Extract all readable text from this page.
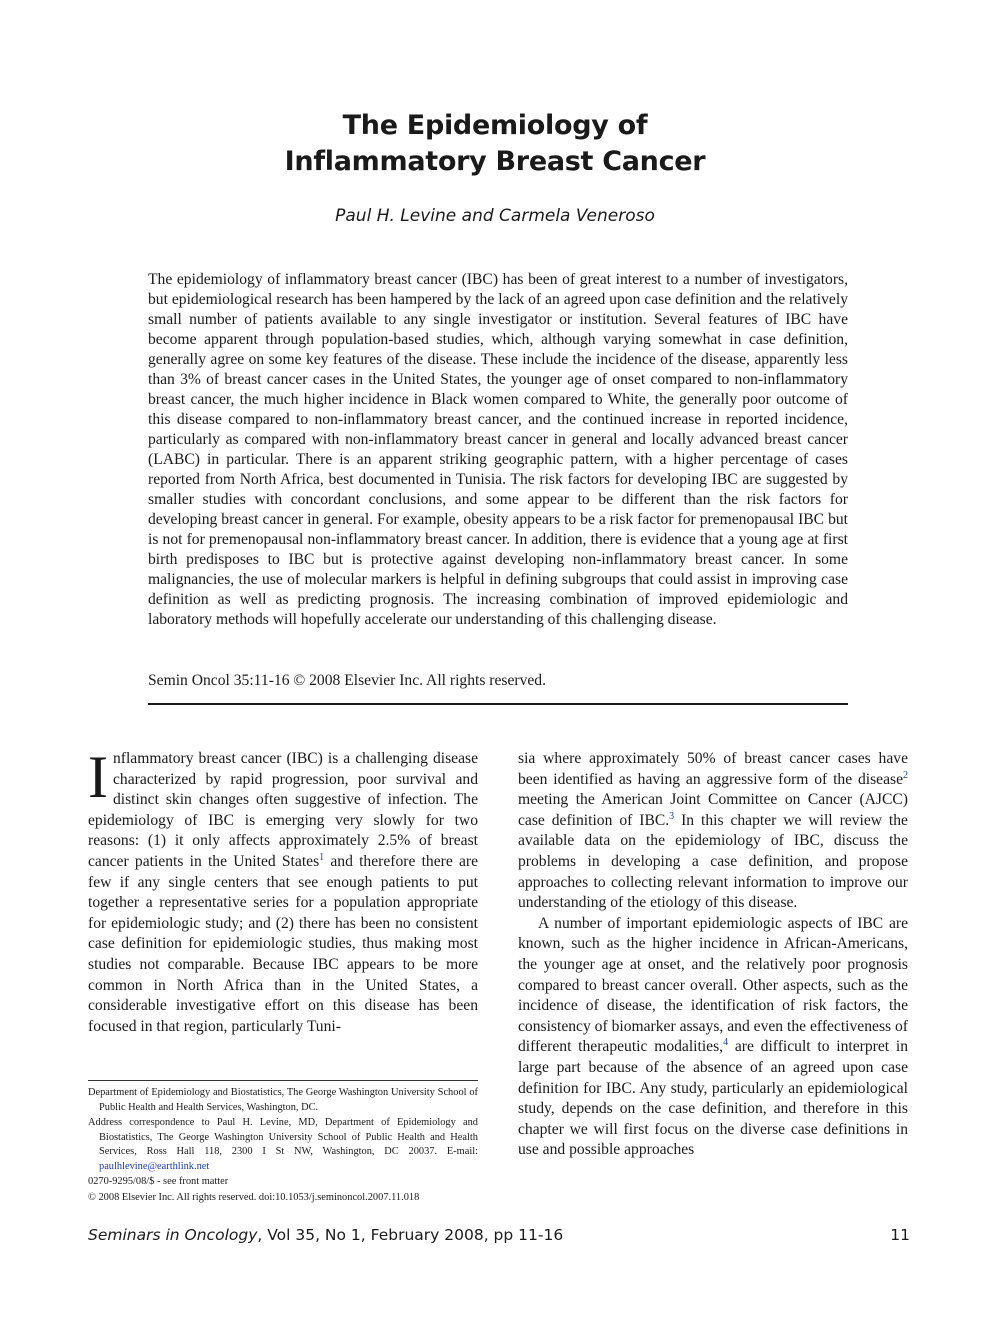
The Epidemiology of
Inflammatory Breast Cancer
Paul H. Levine and Carmela Veneroso

The epidemiology of inflammatory breast cancer (IBC) has been of great interest to a number of investigators, but epidemiological research has been hampered by the lack of an agreed upon case definition and the relatively small number of patients available to any single investigator or institution. Several features of IBC have become apparent through population-based studies, which, although varying somewhat in case definition, generally agree on some key features of the disease. These include the incidence of the disease, apparently less than 3% of breast cancer cases in the United States, the younger age of onset compared to non-inflammatory breast cancer, the much higher incidence in Black women compared to White, the generally poor outcome of this disease compared to non-inflammatory breast cancer, and the continued increase in reported incidence, particularly as compared with non-inflammatory breast cancer in general and locally advanced breast cancer (LABC) in particular. There is an apparent striking geographic pattern, with a higher percentage of cases reported from North Africa, best documented in Tunisia. The risk factors for developing IBC are suggested by smaller studies with concordant conclusions, and some appear to be different than the risk factors for developing breast cancer in general. For example, obesity appears to be a risk factor for premenopausal IBC but is not for premenopausal non-inflammatory breast cancer. In addition, there is evidence that a young age at first birth predisposes to IBC but is protective against developing non-inflammatory breast cancer. In some malignancies, the use of molecular markers is helpful in defining subgroups that could assist in improving case definition as well as predicting prognosis. The increasing combination of improved epidemiologic and laboratory methods will hopefully accelerate our understanding of this challenging disease.

Semin Oncol 35:11-16 © 2008 Elsevier Inc. All rights reserved.

Inflammatory breast cancer (IBC) is a challenging disease characterized by rapid progression, poor survival and distinct skin changes often suggestive of infection. The epidemiology of IBC is emerging very slowly for two reasons: (1) it only affects approximately 2.5% of breast cancer patients in the United States$^1$ and therefore there are few if any single centers that see enough patients to put together a representative series for a population appropriate for epidemiologic study; and (2) there has been no consistent case definition for epidemiologic studies, thus making most studies not comparable. Because IBC appears to be more common in North Africa than in the United States, a considerable investigative effort on this disease has been focused in that region, particularly Tuni-

sia where approximately 50% of breast cancer cases have been identified as having an aggressive form of the disease$^2$ meeting the American Joint Committee on Cancer (AJCC) case definition of IBC.$^3$ In this chapter we will review the available data on the epidemiology of IBC, discuss the problems in developing a case definition, and propose approaches to collecting relevant information to improve our understanding of the etiology of this disease.

A number of important epidemiologic aspects of IBC are known, such as the higher incidence in African-Americans, the younger age at onset, and the relatively poor prognosis compared to breast cancer overall. Other aspects, such as the incidence of disease, the identification of risk factors, the consistency of biomarker assays, and even the effectiveness of different therapeutic modalities,$^4$ are difficult to interpret in large part because of the absence of an agreed upon case definition for IBC. Any study, particularly an epidemiological study, depends on the case definition, and therefore in this chapter we will first focus on the diverse case definitions in use and possible approaches

Department of Epidemiology and Biostatistics, The George Washington University School of Public Health and Health Services, Washington, DC.

Address correspondence to Paul H. Levine, MD, Department of Epidemiology and Biostatistics, The George Washington University School of Public Health and Health Services, Ross Hall 118, 2300 I St NW, Washington, DC 20037. E-mail: paulhlevine@earthlink.net

0270-9295/08/$ - see front matter

© 2008 Elsevier Inc. All rights reserved. doi:10.1053/j.seminoncol.2007.11.018

Seminars in Oncology, Vol 35, No 1, February 2008, pp 11-16	11
